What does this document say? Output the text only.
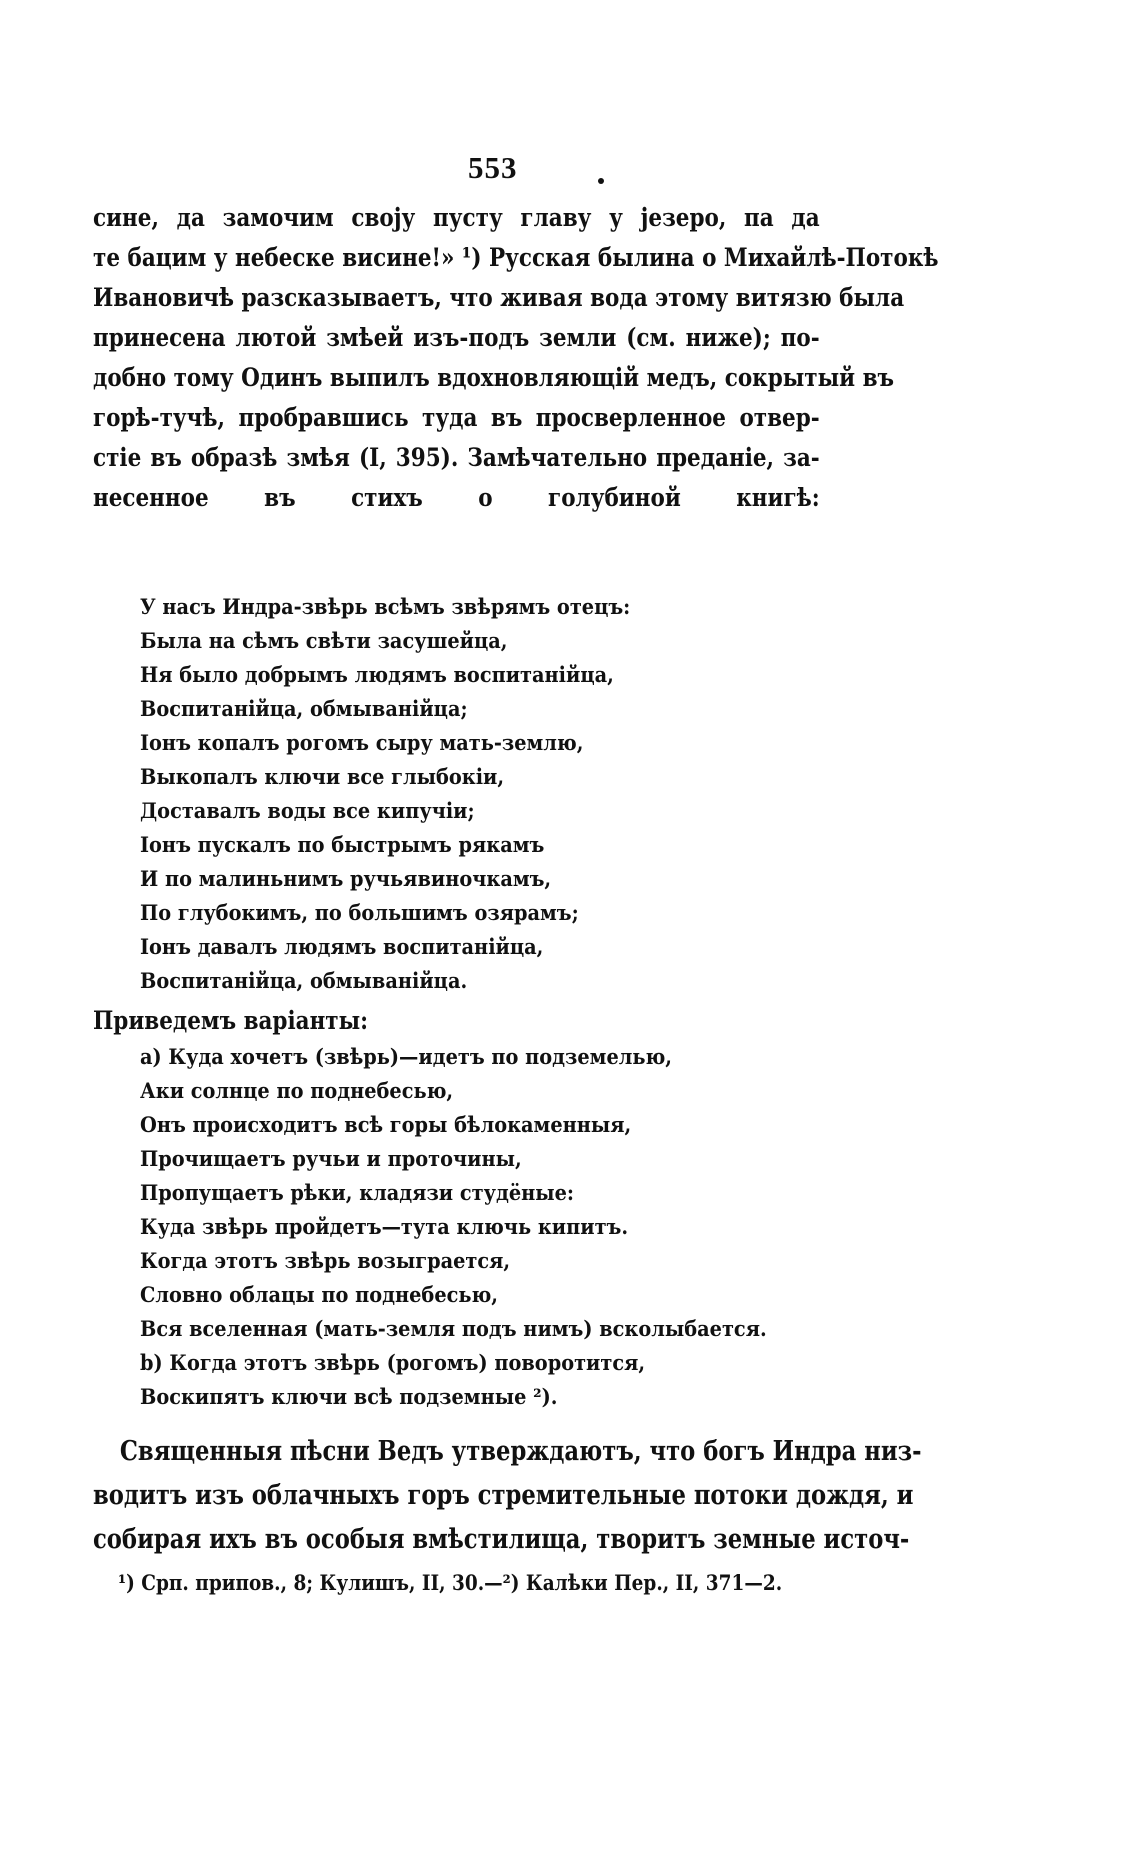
553
сине, да замочим своју пусту главу у језеро, па да
те бацим у небеске висине!» ¹) Русская былина о Михайлѣ-Потокѣ
Ивановичѣ разсказываетъ, что живая вода этому витязю была
принесена лютой змѣей изъ-подъ земли (см. ниже); по-
добно тому Одинъ выпилъ вдохновляющій медъ, сокрытый въ
горѣ-тучѣ, пробравшись туда въ просверленное отвер-
стіе въ образѣ змѣя (I, 395). Замѣчательно преданіе, за-
несенное въ стихъ о голубиной книгѣ:
У насъ Индра-звѣрь всѣмъ звѣрямъ отецъ:
Была на сѣмъ свѣти засушейца,
Ня было добрымъ людямъ воспитанійца,
Воспитанійца, обмыванійца;
Іонъ копалъ рогомъ сыру мать-землю,
Выкопалъ ключи все глыбокіи,
Доставалъ воды все кипучіи;
Іонъ пускалъ по быстрымъ рякамъ
И по малиньнимъ ручьявиночкамъ,
По глубокимъ, по большимъ озярамъ;
Іонъ давалъ людямъ воспитанійца,
Воспитанійца, обмыванійца.
Приведемъ варіанты:
a) Куда хочетъ (звѣрь)—идетъ по подземелью,
Аки солнце по поднебесью,
Онъ происходитъ всѣ горы бѣлокаменныя,
Прочищаетъ ручьи и проточины,
Пропущаетъ рѣки, кладязи студёные:
Куда звѣрь пройдетъ—тута ключь кипитъ.
Когда этотъ звѣрь возыграется,
Словно облацы по поднебесью,
Вся вселенная (мать-земля подъ нимъ) всколыбается.
b) Когда этотъ звѣрь (рогомъ) поворотится,
Воскипятъ ключи всѣ подземные ²).
Священныя пѣсни Ведъ утверждаютъ, что богъ Индра низ-
водитъ изъ облачныхъ горъ стремительные потоки дождя, и
собирая ихъ въ особыя вмѣстилища, творитъ земные источ-
¹) Срп. припов., 8; Кулишъ, II, 30.—²) Калѣки Пер., II, 371—2.
